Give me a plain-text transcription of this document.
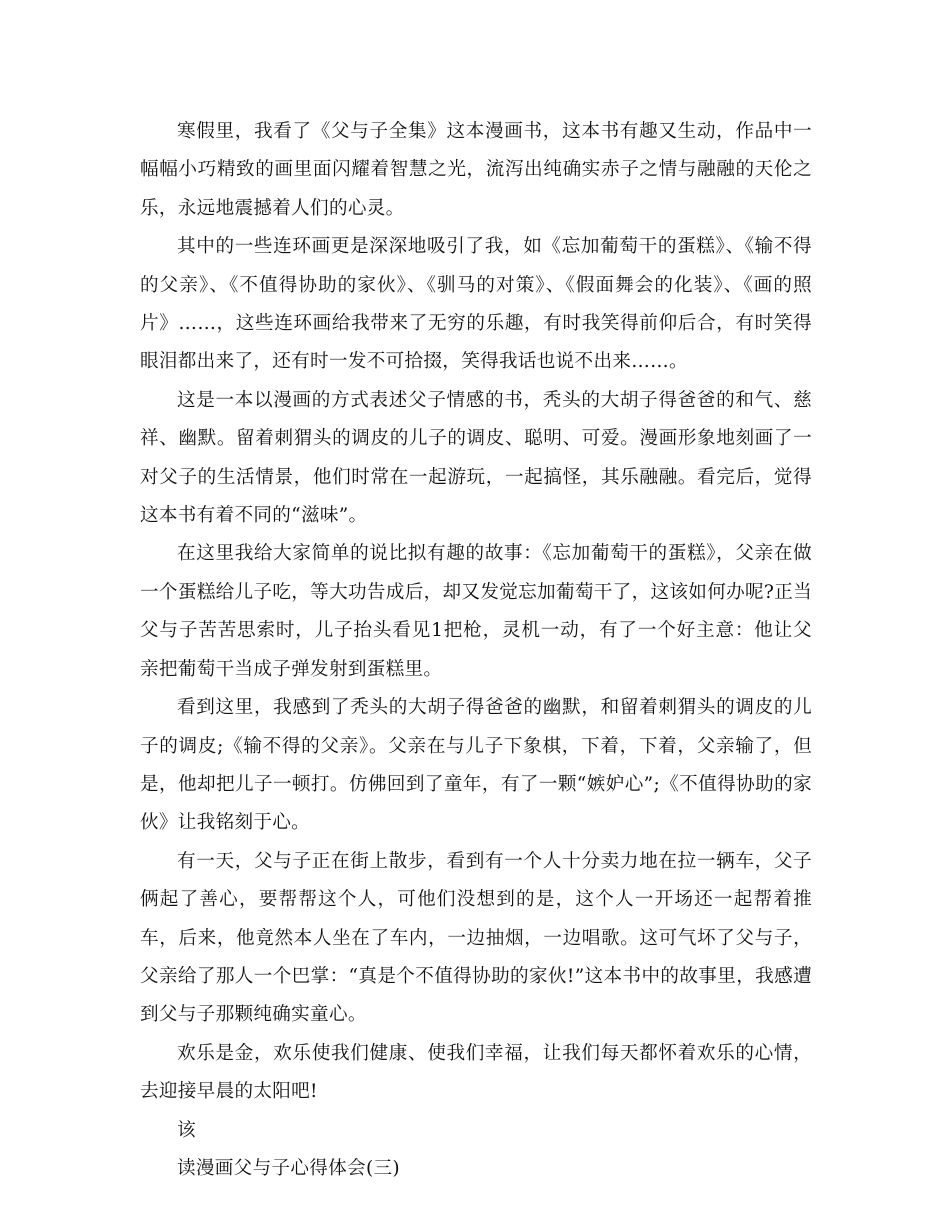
寒假里，我看了《父与子全集》这本漫画书，这本书有趣又生动，作品中一幅幅小巧精致的画里面闪耀着智慧之光，流泻出纯确实赤子之情与融融的天伦之乐，永远地震撼着人们的心灵。

其中的一些连环画更是深深地吸引了我，如《忘加葡萄干的蛋糕》、《输不得的父亲》、《不值得协助的家伙》、《驯马的对策》、《假面舞会的化装》、《画的照片》……，这些连环画给我带来了无穷的乐趣，有时我笑得前仰后合，有时笑得眼泪都出来了，还有时一发不可拾掇，笑得我话也说不出来……。

这是一本以漫画的方式表述父子情感的书，秃头的大胡子得爸爸的和气、慈祥、幽默。留着刺猬头的调皮的儿子的调皮、聪明、可爱。漫画形象地刻画了一对父子的生活情景，他们时常在一起游玩，一起搞怪，其乐融融。看完后，觉得这本书有着不同的“滋味”。

在这里我给大家简单的说比拟有趣的故事：《忘加葡萄干的蛋糕》，父亲在做一个蛋糕给儿子吃，等大功告成后，却又发觉忘加葡萄干了，这该如何办呢?正当父与子苦苦思索时，儿子抬头看见1把枪，灵机一动，有了一个好主意：他让父亲把葡萄干当成子弹发射到蛋糕里。

看到这里，我感到了秃头的大胡子得爸爸的幽默，和留着刺猬头的调皮的儿子的调皮;《输不得的父亲》。父亲在与儿子下象棋，下着，下着，父亲输了，但是，他却把儿子一顿打。仿佛回到了童年，有了一颗“嫉妒心”;《不值得协助的家伙》让我铭刻于心。

有一天，父与子正在街上散步，看到有一个人十分卖力地在拉一辆车，父子俩起了善心，要帮帮这个人，可他们没想到的是，这个人一开场还一起帮着推车，后来，他竟然本人坐在了车内，一边抽烟，一边唱歌。这可气坏了父与子，父亲给了那人一个巴掌：“真是个不值得协助的家伙!”这本书中的故事里，我感遭到父与子那颗纯确实童心。

欢乐是金，欢乐使我们健康、使我们幸福，让我们每天都怀着欢乐的心情，去迎接早晨的太阳吧!

该

读漫画父与子心得体会(三)
